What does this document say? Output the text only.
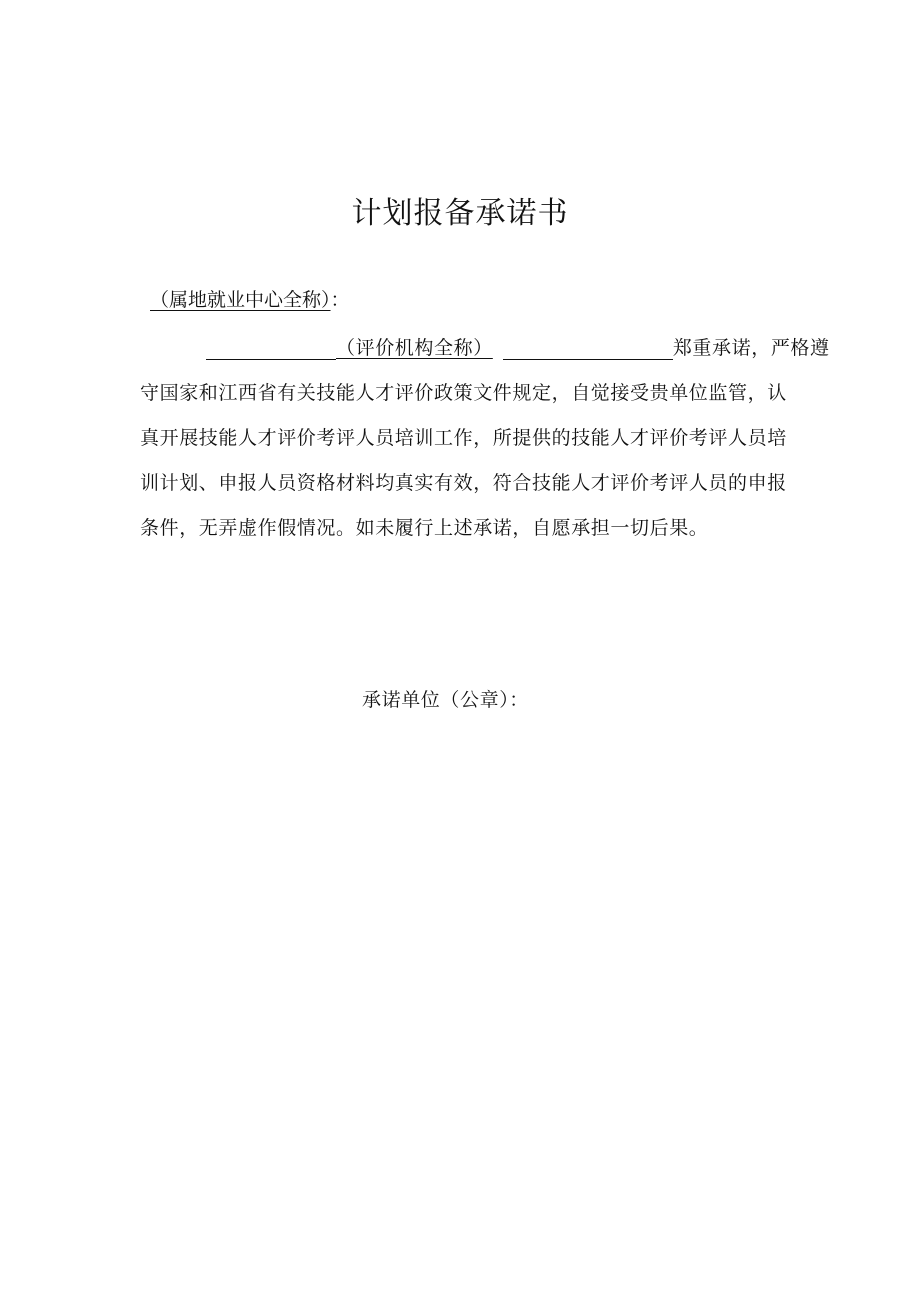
计划报备承诺书
（属地就业中心全称）：
（评价机构全称）	郑重承诺，严格遵
守国家和江西省有关技能人才评价政策文件规定，自觉接受贵单位监管，认
真开展技能人才评价考评人员培训工作，所提供的技能人才评价考评人员培
训计划、申报人员资格材料均真实有效，符合技能人才评价考评人员的申报
条件，无弄虚作假情况。如未履行上述承诺，自愿承担一切后果。
承诺单位（公章）：
